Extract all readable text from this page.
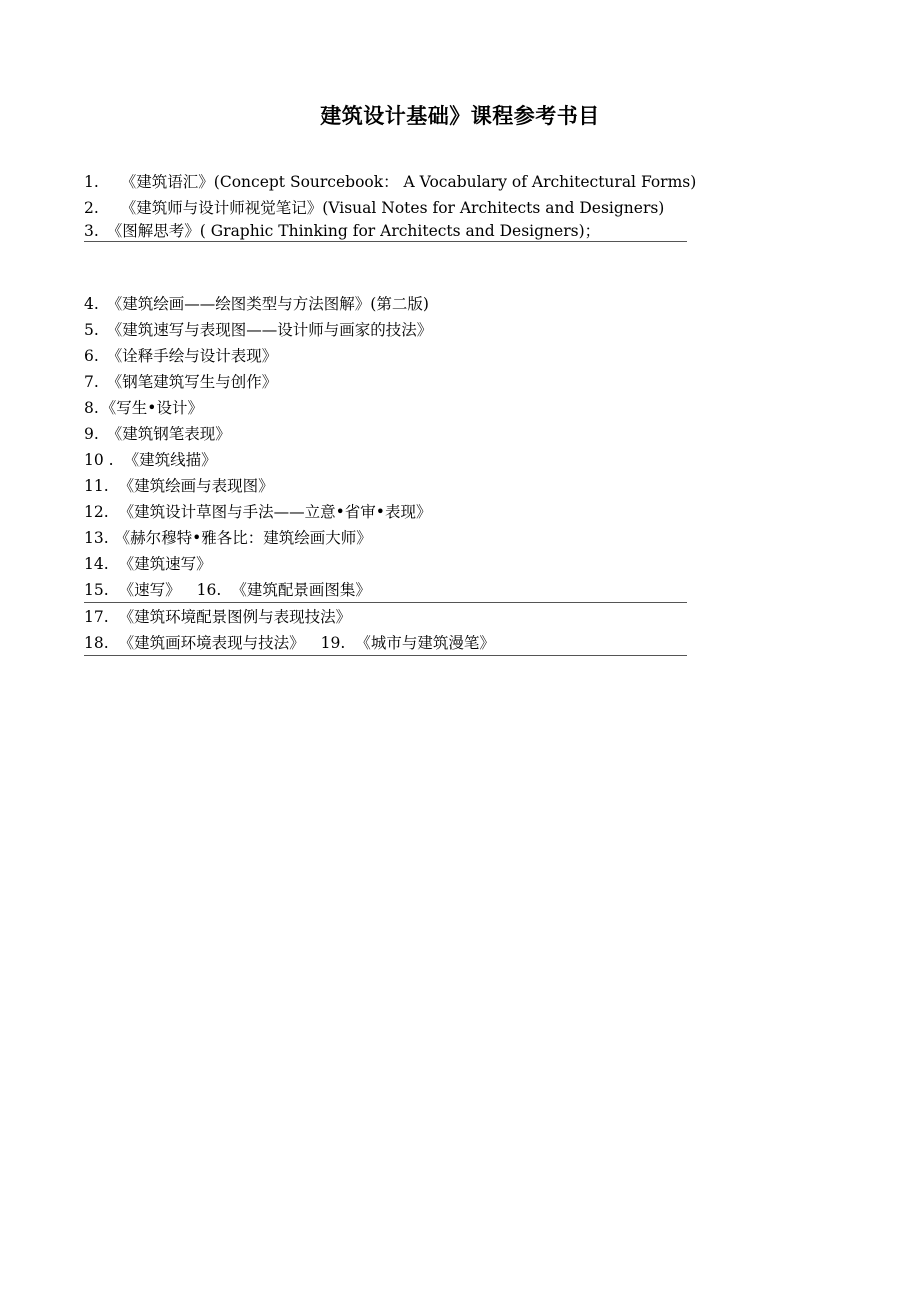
建筑设计基础》课程参考书目
1. 《建筑语汇》(Concept Sourcebook： A Vocabulary of Architectural Forms)
2. 《建筑师与设计师视觉笔记》(Visual Notes for Architects and Designers)
3. 《图解思考》( Graphic Thinking for Architects and Designers)；
4. 《建筑绘画——绘图类型与方法图解》(第二版)
5. 《建筑速写与表现图——设计师与画家的技法》
6. 《诠释手绘与设计表现》
7. 《钢笔建筑写生与创作》
8. 《写生•设计》
9. 《建筑钢笔表现》
10 . 《建筑线描》
11. 《建筑绘画与表现图》
12. 《建筑设计草图与手法——立意•省审•表现》
13. 《赫尔穆特•雅各比：建筑绘画大师》
14. 《建筑速写》
15. 《速写》 16. 《建筑配景画图集》
17. 《建筑环境配景图例与表现技法》
18. 《建筑画环境表现与技法》 19. 《城市与建筑漫笔》
